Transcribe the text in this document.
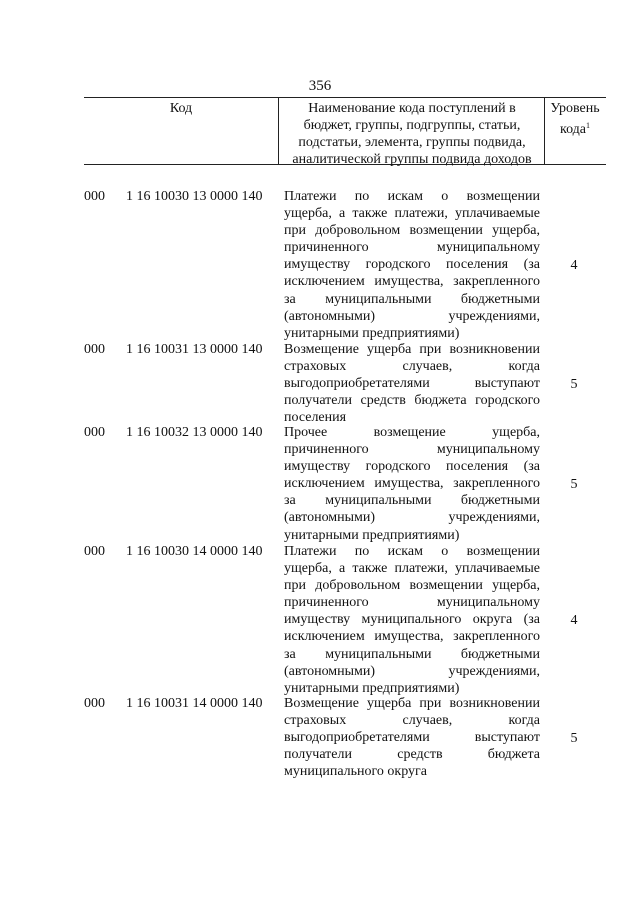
356
Код	Наименование кода поступлений в
бюджет, группы, подгруппы, статьи,
подстатьи, элемента, группы подвида,
аналитической группы подвида доходов
Уровень
кода$^1$
000	1 16 10030 13 0000 140	Платежи по искам о возмещении
ущерба, а также платежи, уплачиваемые
при добровольном возмещении ущерба,
причиненного муниципальному
имуществу городского поселения (за
исключением имущества, закрепленного
за муниципальными бюджетными
(автономными) учреждениями,
унитарными предприятиями)
4
000	1 16 10031 13 0000 140	Возмещение ущерба при возникновении
страховых случаев, когда
выгодоприобретателями выступают
получатели средств бюджета городского
поселения
5
000	1 16 10032 13 0000 140	Прочее возмещение ущерба,
причиненного муниципальному
имуществу городского поселения (за
исключением имущества, закрепленного
за муниципальными бюджетными
(автономными) учреждениями,
унитарными предприятиями)
5
000	1 16 10030 14 0000 140	Платежи по искам о возмещении
ущерба, а также платежи, уплачиваемые
при добровольном возмещении ущерба,
причиненного муниципальному
имуществу муниципального округа (за
исключением имущества, закрепленного
за муниципальными бюджетными
(автономными) учреждениями,
унитарными предприятиями)
4
000	1 16 10031 14 0000 140	Возмещение ущерба при возникновении
страховых случаев, когда
выгодоприобретателями выступают
получатели средств бюджета
муниципального округа
5
